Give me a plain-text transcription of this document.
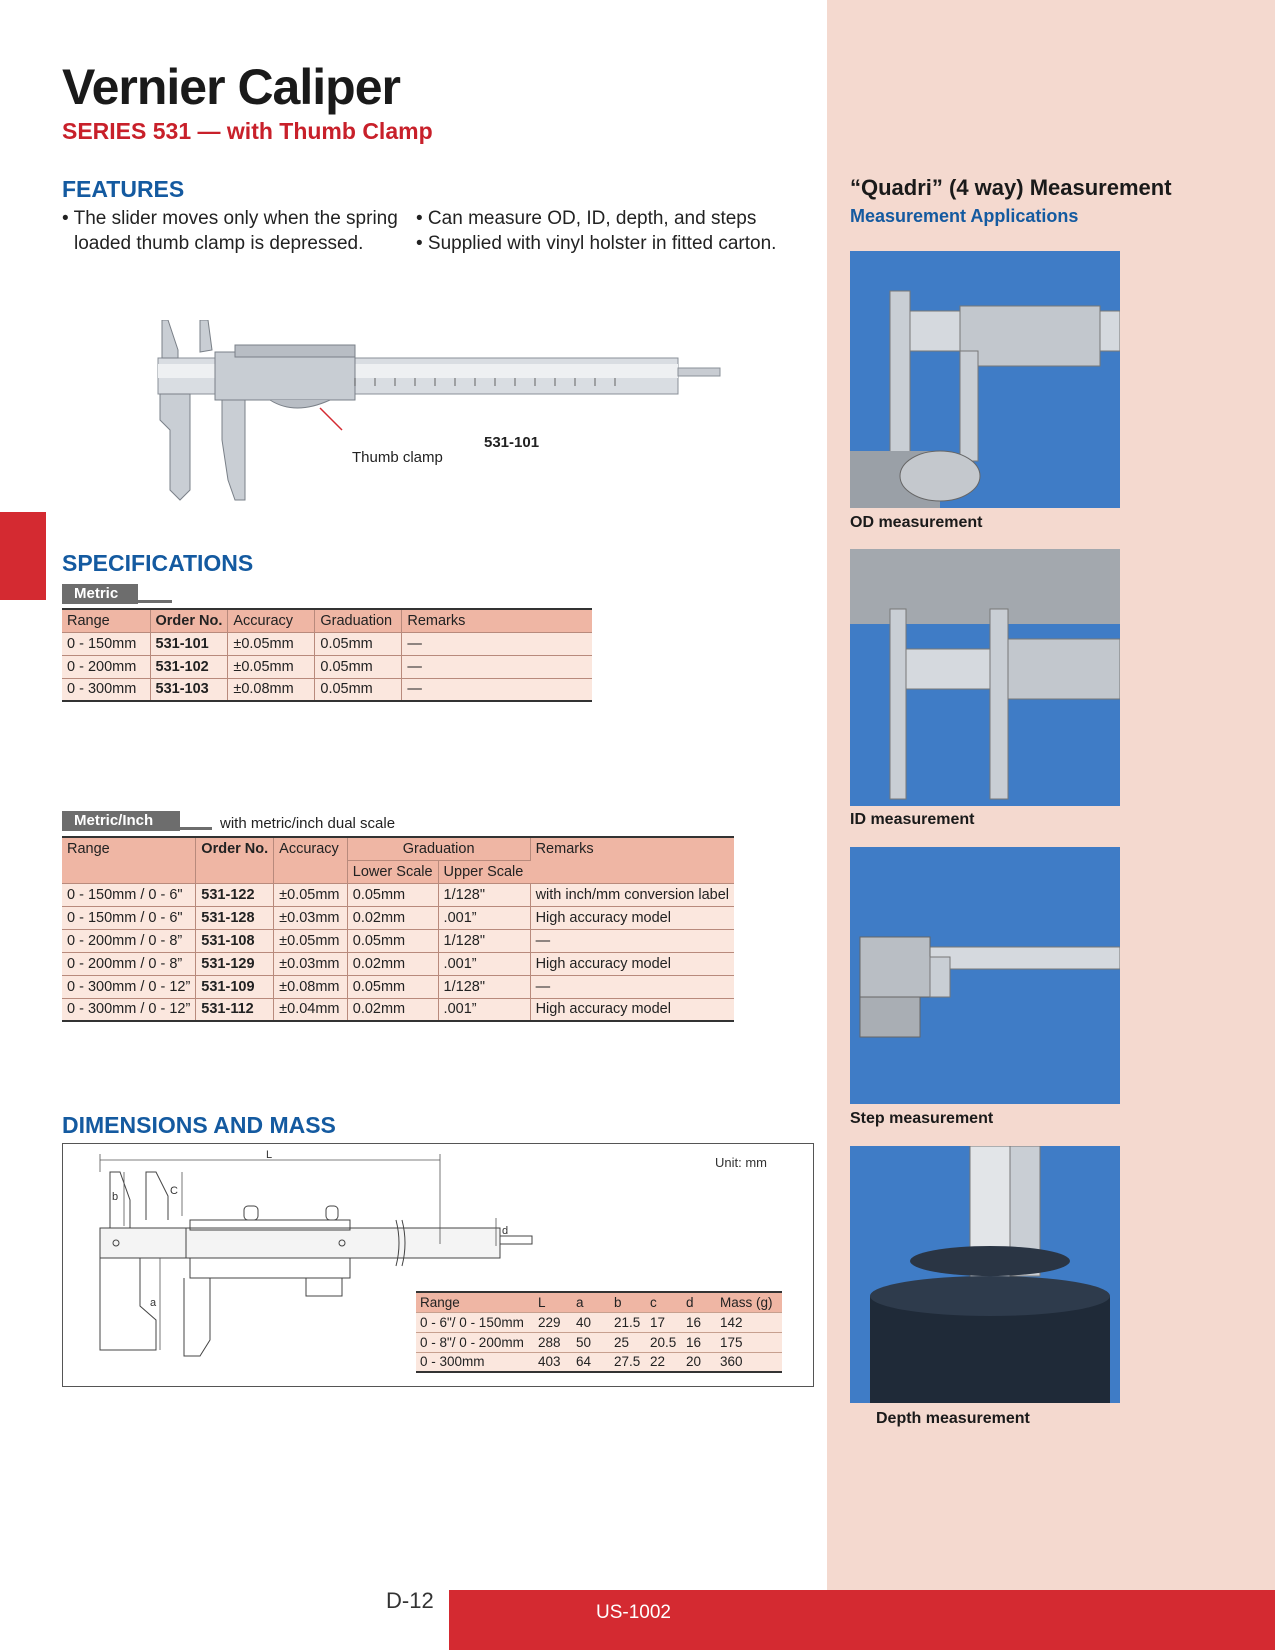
Vernier Caliper
SERIES 531 — with Thumb Clamp
FEATURES
• The slider moves only when the spring
loaded thumb clamp is depressed.
• Can measure OD, ID, depth, and steps
• Supplied with vinyl holster in fitted carton.
Thumb clamp
531-101
SPECIFICATIONS
Metric
Range	Order No.	Accuracy	Graduation	Remarks
0 - 150mm	531-101	±0.05mm	0.05mm	—
0 - 200mm	531-102	±0.05mm	0.05mm	—
0 - 300mm	531-103	±0.08mm	0.05mm	—
Metric/Inch	with metric/inch dual scale
Range	Order No.	Accuracy	Graduation		Remarks
			Lower Scale	Upper Scale	
0 - 150mm / 0 - 6"	531-122	±0.05mm	0.05mm	1/128"	with inch/mm conversion label
0 - 150mm / 0 - 6"	531-128	±0.03mm	0.02mm	.001”	High accuracy model
0 - 200mm / 0 - 8”	531-108	±0.05mm	0.05mm	1/128"	—
0 - 200mm / 0 - 8”	531-129	±0.03mm	0.02mm	.001”	High accuracy model
0 - 300mm / 0 - 12”	531-109	±0.08mm	0.05mm	1/128"	—
0 - 300mm / 0 - 12”	531-112	±0.04mm	0.02mm	.001”	High accuracy model
DIMENSIONS AND MASS
Unit: mm
L
b	C
a
d
Range	L	a	b	c	d	Mass (g)
0 - 6"/ 0 - 150mm	229	40	21.5	17	16	142
0 - 8"/ 0 - 200mm	288	50	25	20.5	16	175
0 - 300mm	403	64	27.5	22	20	360
“Quadri” (4 way) Measurement
Measurement Applications
OD measurement
ID measurement
Step measurement
Depth measurement
D-12	US-1002
